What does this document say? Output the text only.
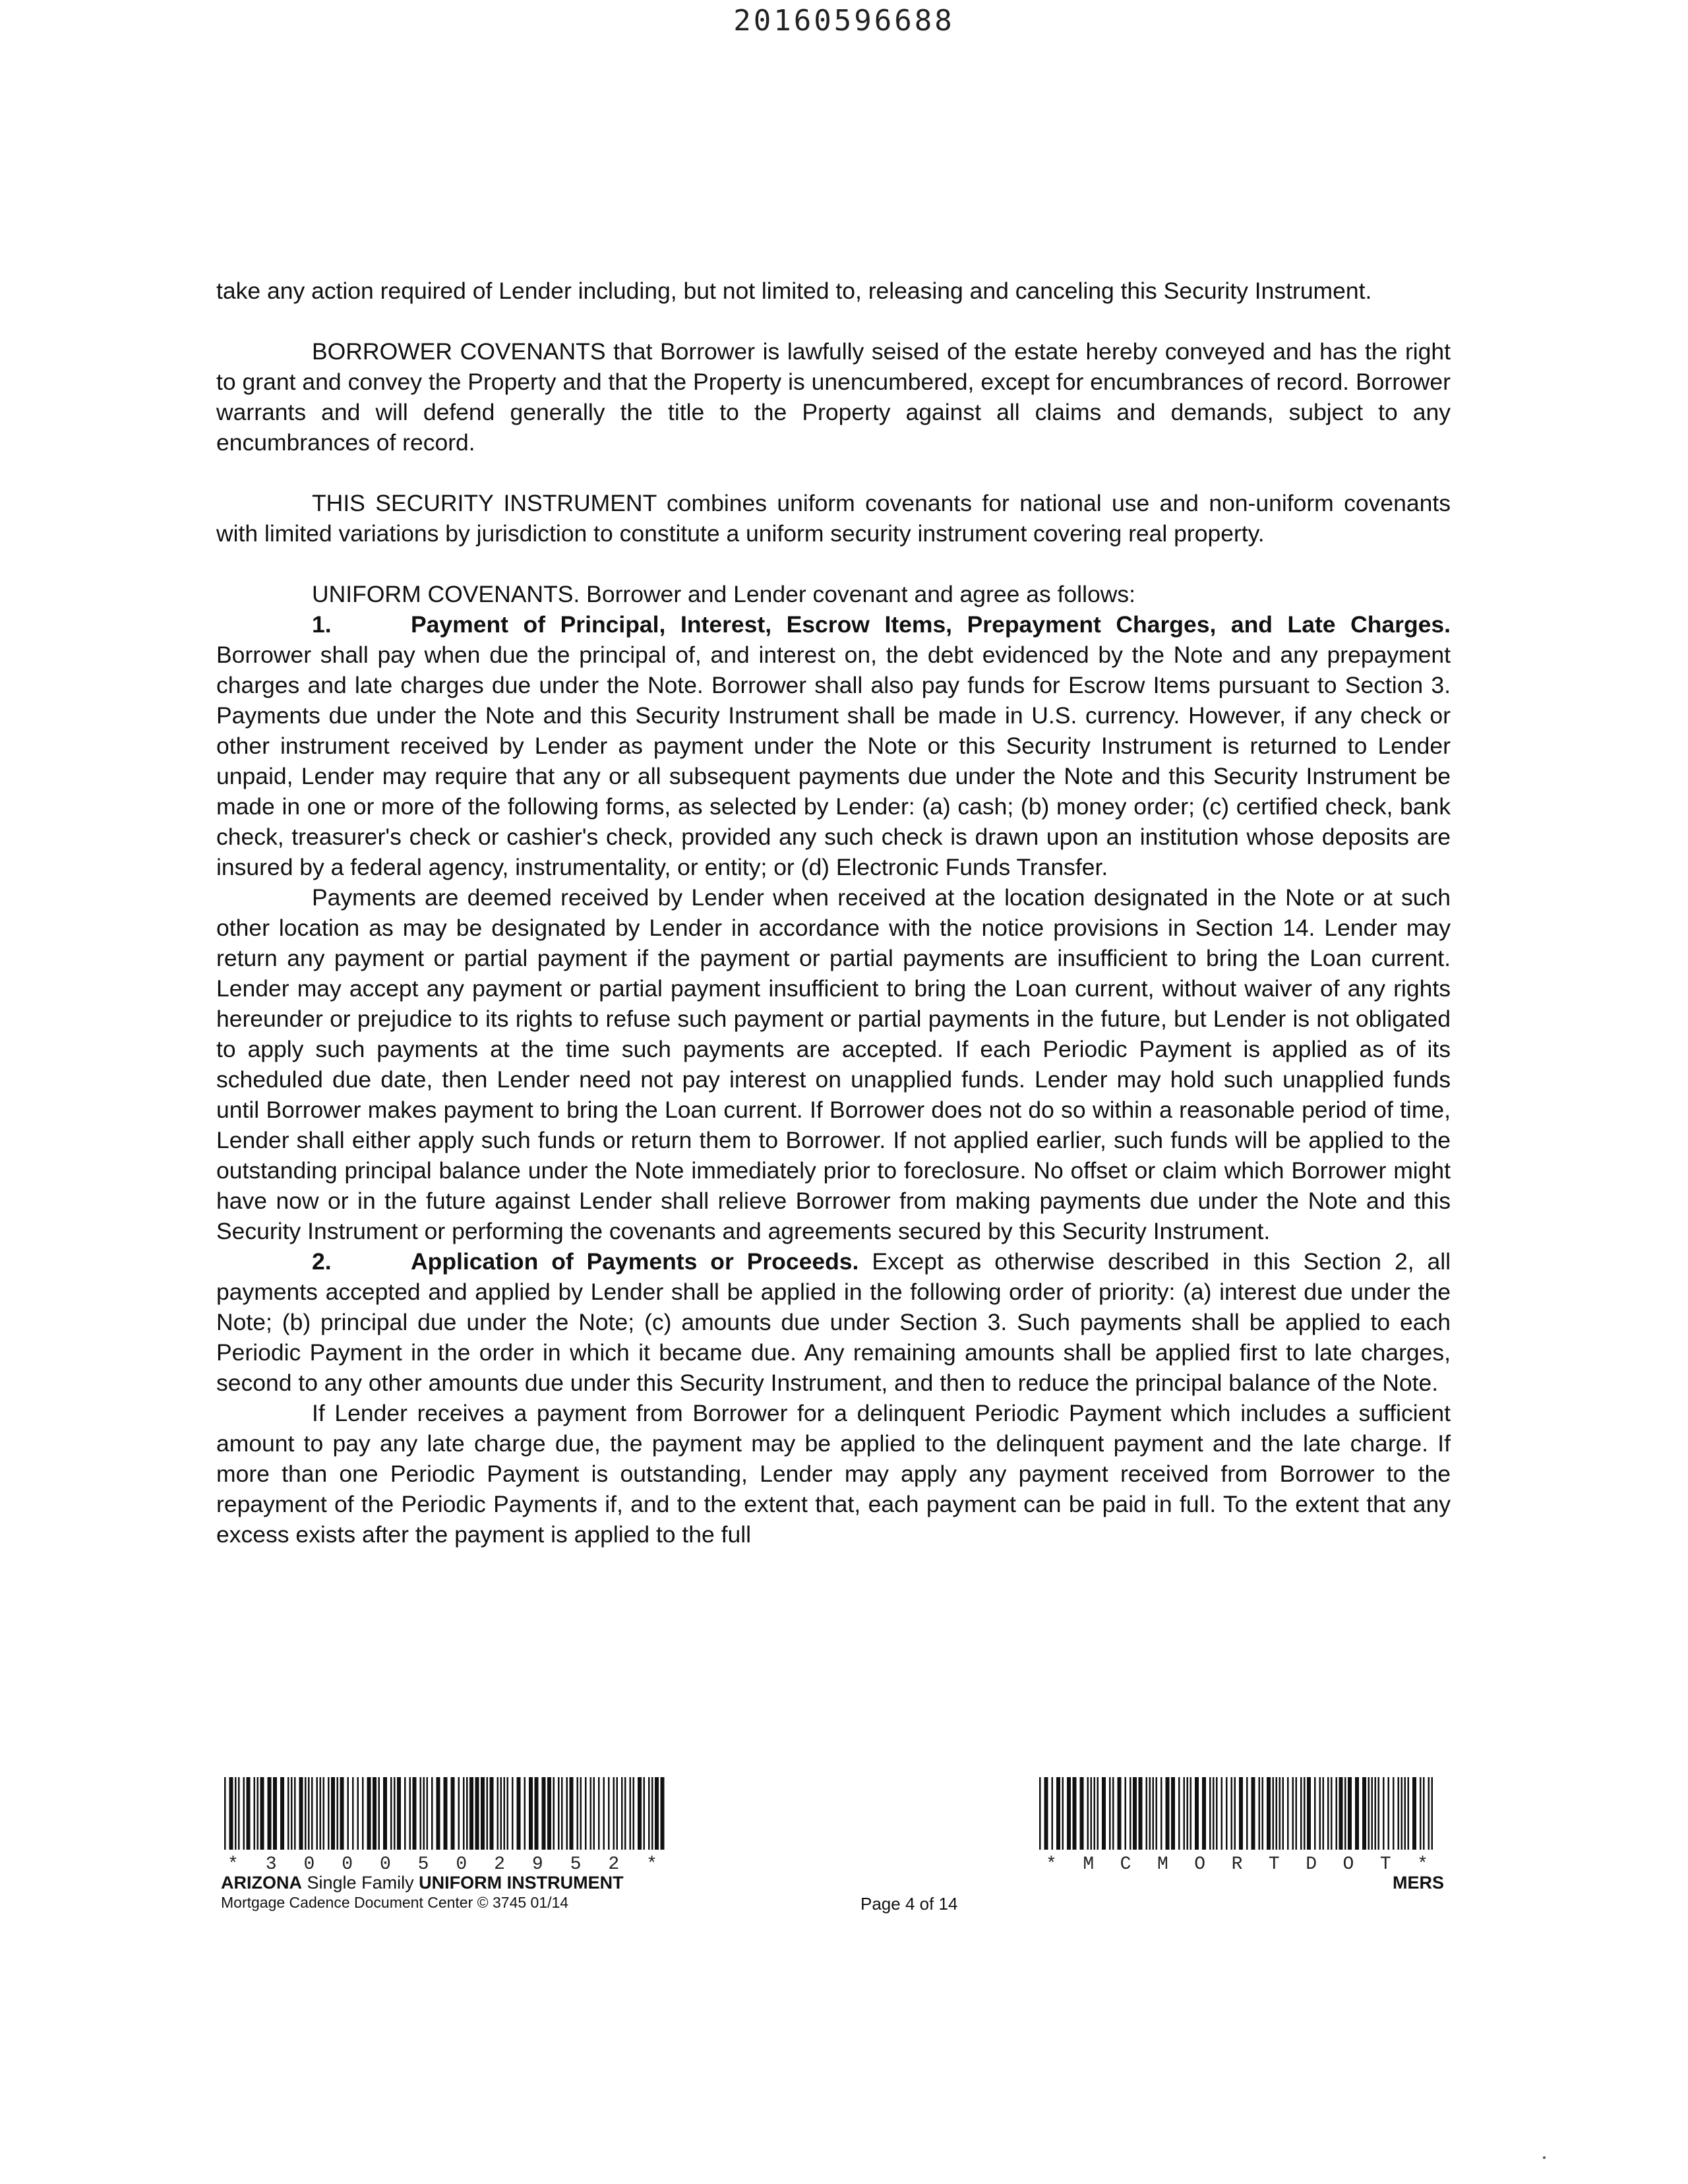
20160596688

take any action required of Lender including, but not limited to, releasing and canceling this Security Instrument.

BORROWER COVENANTS that Borrower is lawfully seised of the estate hereby conveyed and has the right to grant and convey the Property and that the Property is unencumbered, except for encumbrances of record. Borrower warrants and will defend generally the title to the Property against all claims and demands, subject to any encumbrances of record.

THIS SECURITY INSTRUMENT combines uniform covenants for national use and non-uniform covenants with limited variations by jurisdiction to constitute a uniform security instrument covering real property.

UNIFORM COVENANTS. Borrower and Lender covenant and agree as follows:

1.	Payment of Principal, Interest, Escrow Items, Prepayment Charges, and Late Charges. Borrower shall pay when due the principal of, and interest on, the debt evidenced by the Note and any prepayment charges and late charges due under the Note. Borrower shall also pay funds for Escrow Items pursuant to Section 3. Payments due under the Note and this Security Instrument shall be made in U.S. currency. However, if any check or other instrument received by Lender as payment under the Note or this Security Instrument is returned to Lender unpaid, Lender may require that any or all subsequent payments due under the Note and this Security Instrument be made in one or more of the following forms, as selected by Lender: (a) cash; (b) money order; (c) certified check, bank check, treasurer's check or cashier's check, provided any such check is drawn upon an institution whose deposits are insured by a federal agency, instrumentality, or entity; or (d) Electronic Funds Transfer.

Payments are deemed received by Lender when received at the location designated in the Note or at such other location as may be designated by Lender in accordance with the notice provisions in Section 14. Lender may return any payment or partial payment if the payment or partial payments are insufficient to bring the Loan current. Lender may accept any payment or partial payment insufficient to bring the Loan current, without waiver of any rights hereunder or prejudice to its rights to refuse such payment or partial payments in the future, but Lender is not obligated to apply such payments at the time such payments are accepted. If each Periodic Payment is applied as of its scheduled due date, then Lender need not pay interest on unapplied funds. Lender may hold such unapplied funds until Borrower makes payment to bring the Loan current. If Borrower does not do so within a reasonable period of time, Lender shall either apply such funds or return them to Borrower. If not applied earlier, such funds will be applied to the outstanding principal balance under the Note immediately prior to foreclosure. No offset or claim which Borrower might have now or in the future against Lender shall relieve Borrower from making payments due under the Note and this Security Instrument or performing the covenants and agreements secured by this Security Instrument.

2.	Application of Payments or Proceeds. Except as otherwise described in this Section 2, all payments accepted and applied by Lender shall be applied in the following order of priority: (a) interest due under the Note; (b) principal due under the Note; (c) amounts due under Section 3. Such payments shall be applied to each Periodic Payment in the order in which it became due. Any remaining amounts shall be applied first to late charges, second to any other amounts due under this Security Instrument, and then to reduce the principal balance of the Note.

If Lender receives a payment from Borrower for a delinquent Periodic Payment which includes a sufficient amount to pay any late charge due, the payment may be applied to the delinquent payment and the late charge. If more than one Periodic Payment is outstanding, Lender may apply any payment received from Borrower to the repayment of the Periodic Payments if, and to the extent that, each payment can be paid in full. To the extent that any excess exists after the payment is applied to the full

* 3 0 0 0 5 0 2 9 5 2 *	* M C M O R T D O T *
ARIZONA Single Family UNIFORM INSTRUMENT
Mortgage Cadence Document Center © 3745 01/14	Page 4 of 14
MERS
